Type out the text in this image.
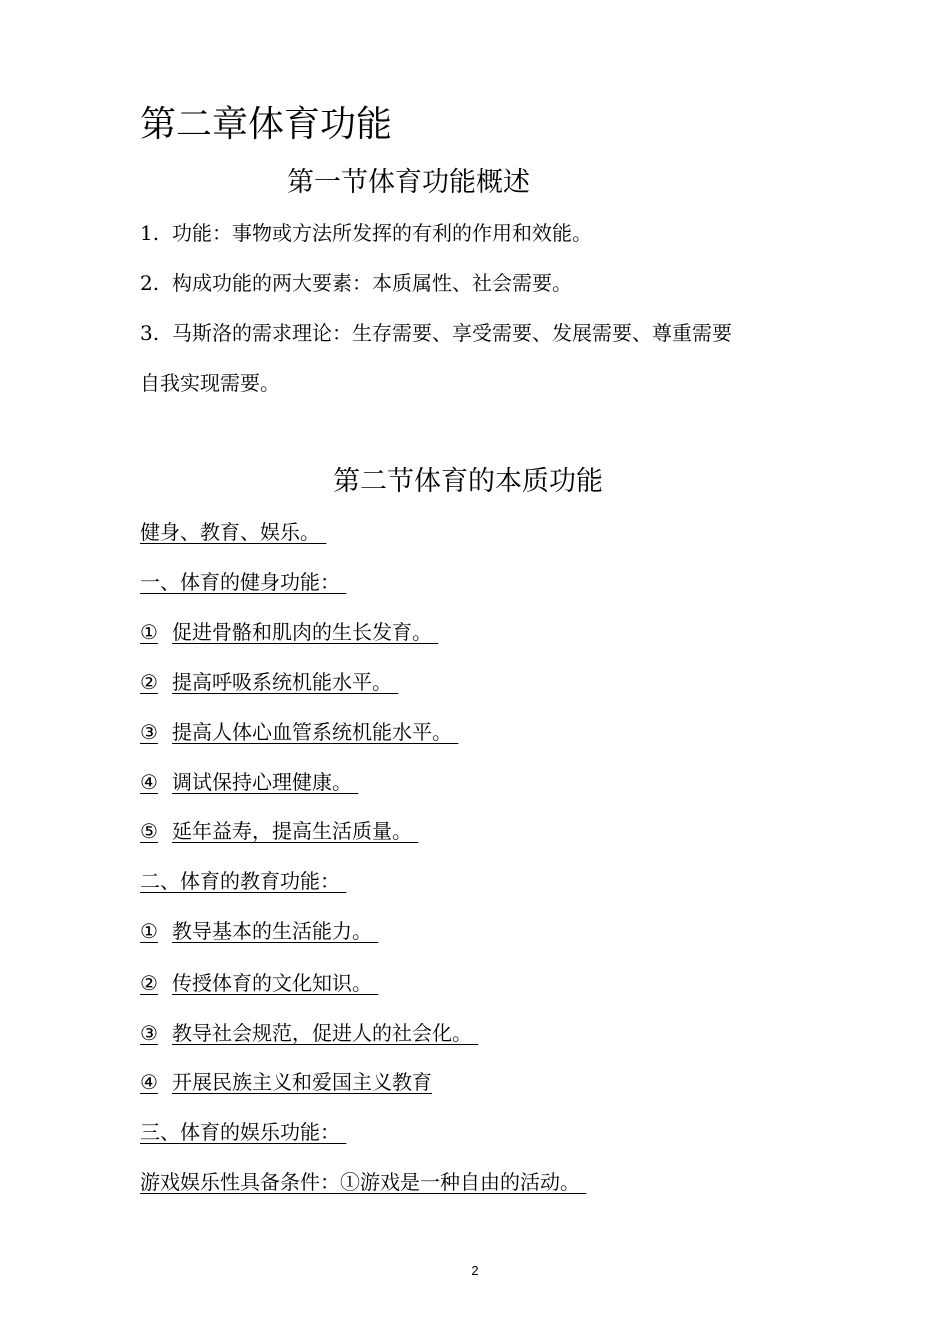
第二章体育功能
第一节体育功能概述
1. 功能：事物或方法所发挥的有利的作用和效能。
2. 构成功能的两大要素：本质属性、社会需要。
3. 马斯洛的需求理论：生存需要、享受需要、发展需要、尊重需要
自我实现需要。
第二节体育的本质功能
健身、教育、娱乐。
一、体育的健身功能：
① 促进骨骼和肌肉的生长发育。
② 提高呼吸系统机能水平。
③ 提高人体心血管系统机能水平。
④ 调试保持心理健康。
⑤ 延年益寿，提高生活质量。
二、体育的教育功能：
① 教导基本的生活能力。
② 传授体育的文化知识。
③ 教导社会规范，促进人的社会化。
④ 开展民族主义和爱国主义教育
三、体育的娱乐功能：
游戏娱乐性具备条件：①游戏是一种自由的活动。
2
